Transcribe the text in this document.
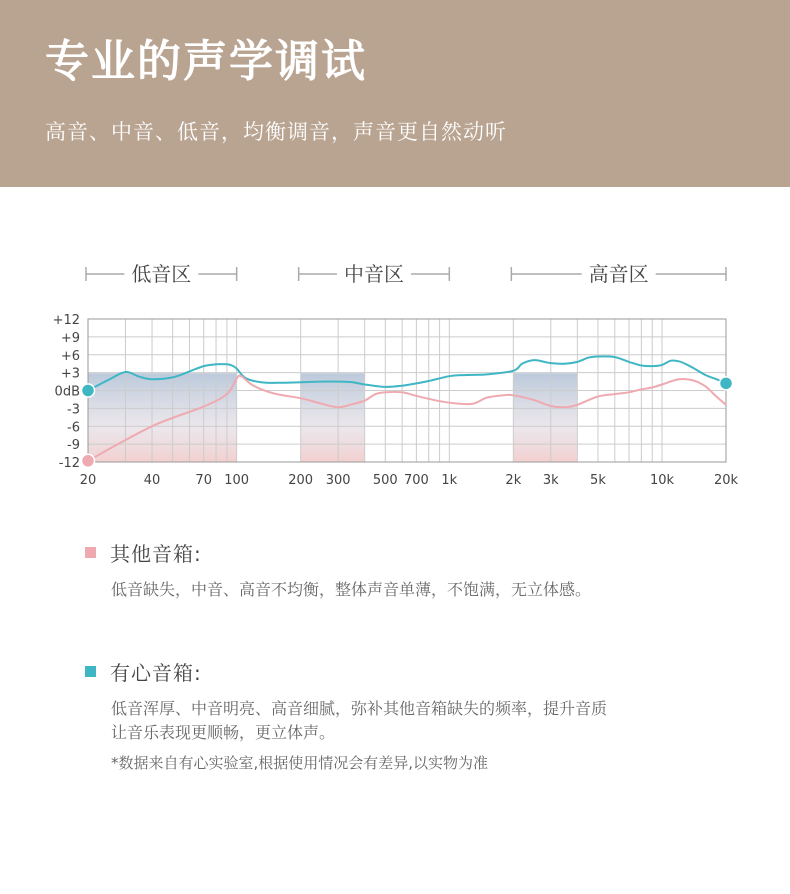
专业的声学调试
高音、中音、低音，均衡调音，声音更自然动听
低音区	中音区	高音区
+12
+9
+6
+3
0dB
-3
-6
-9
-12
20	40	70 100	200 300 500 700 1k	2k 3k 5k	10k	20k
其他音箱:
低音缺失，中音、高音不均衡，整体声音单薄，不饱满，无立体感。
有心音箱:
低音浑厚、中音明亮、高音细腻，弥补其他音箱缺失的频率，提升音质
让音乐表现更顺畅，更立体声。
*数据来自有心实验室,根据使用情况会有差异,以实物为准
